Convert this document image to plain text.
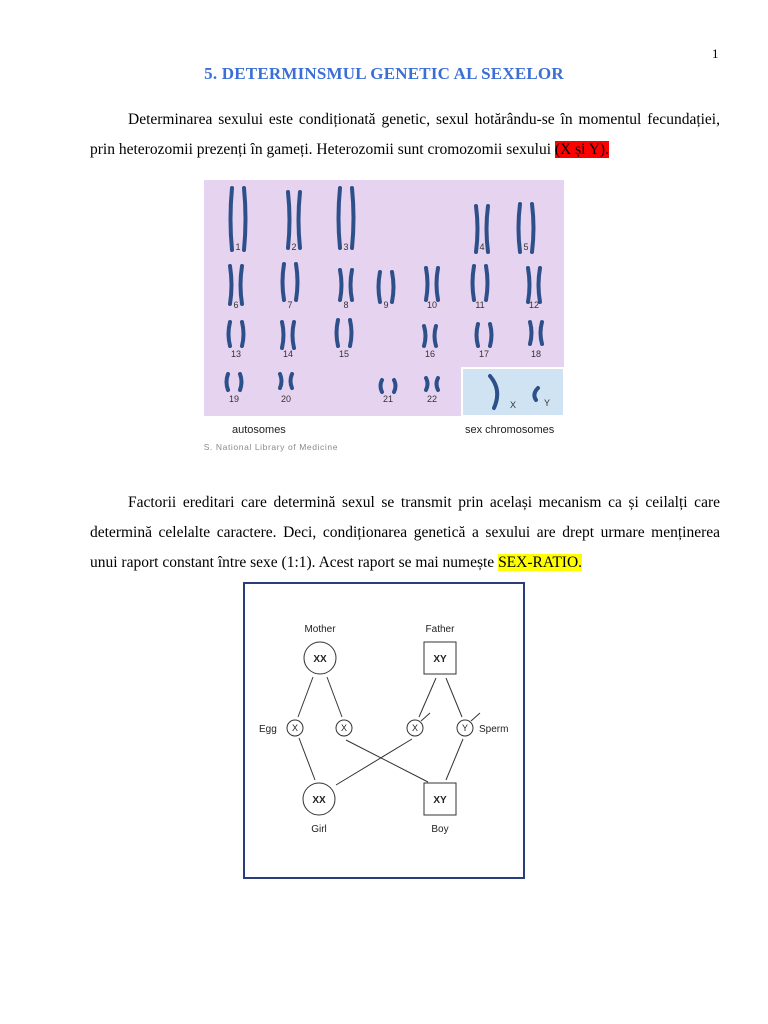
1
5. DETERMINSMUL GENETIC AL SEXELOR

Determinarea sexului este condiționată genetic, sexul hotărându-se în momentul fecundației, prin heterozomii prezenți în gameți. Heterozomii sunt cromozomii sexului (X și Y).

1	2	3	4	5
6	7	8	9	10	11	12
13	14	15	16	17	18
19	20	21	22
X	Y
autosomes	sex chromosomes
U.S. National Library of Medicine

Factorii ereditari care determină sexul se transmit prin același mecanism ca și ceilalți care determină celelalte caractere. Deci, condiționarea genetică a sexului are drept urmare menținerea unui raport constant între sexe (1:1). Acest raport se mai numește SEX-RATIO.

Mother	Father
XX	XY
X	X	X	Y
XX	XY
Girl	Boy
Egg	Sperm
